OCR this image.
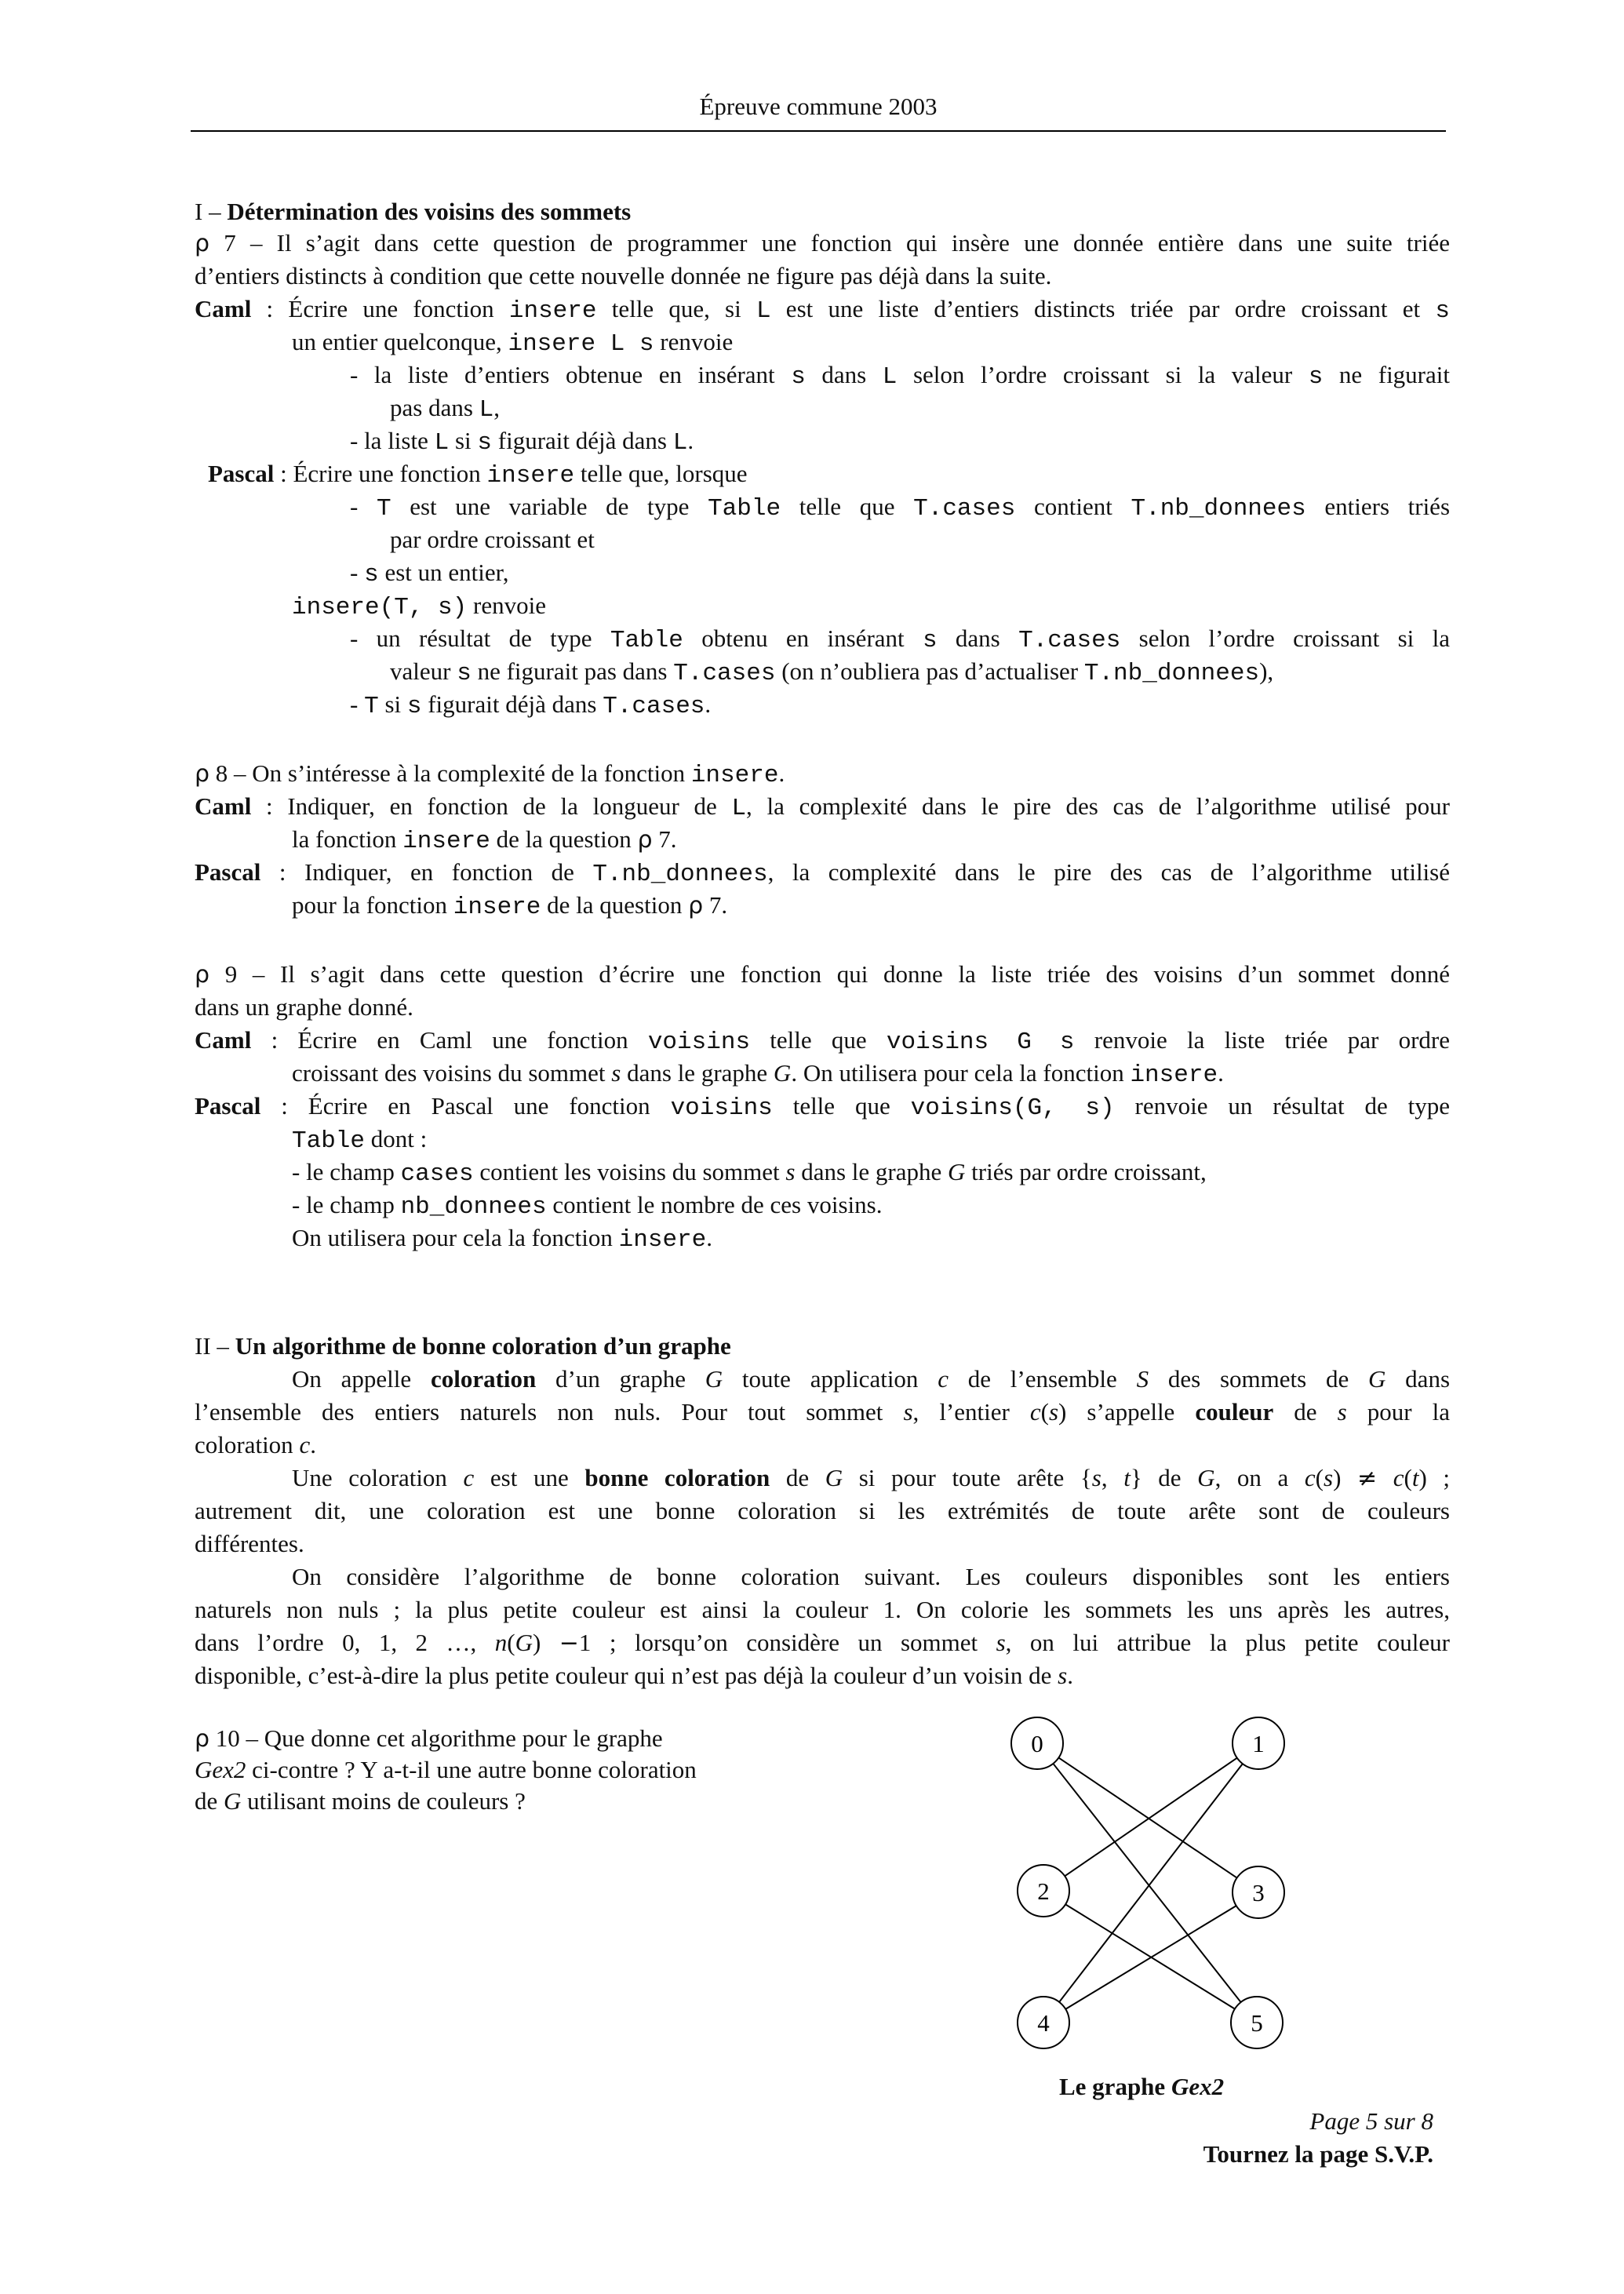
Épreuve commune 2003
I – Détermination des voisins des sommets
ρ 7 – Il s’agit dans cette question de programmer une fonction qui insère une donnée entière dans une suite triée
d’entiers distincts à condition que cette nouvelle donnée ne figure pas déjà dans la suite.
Caml : Écrire une fonction insere telle que, si L est une liste d’entiers distincts triée par ordre croissant et s
un entier quelconque, insere L s renvoie
- la liste d’entiers obtenue en insérant s dans L selon l’ordre croissant si la valeur s ne figurait
pas dans L,
- la liste L si s figurait déjà dans L.
Pascal : Écrire une fonction insere telle que, lorsque
- T est une variable de type Table telle que T.cases contient T.nb_donnees entiers triés
par ordre croissant et
- s est un entier,
insere(T, s) renvoie
- un résultat de type Table obtenu en insérant s dans T.cases selon l’ordre croissant si la
valeur s ne figurait pas dans T.cases (on n’oubliera pas d’actualiser T.nb_donnees),
- T si s figurait déjà dans T.cases.
ρ 8 – On s’intéresse à la complexité de la fonction insere.
Caml : Indiquer, en fonction de la longueur de L, la complexité dans le pire des cas de l’algorithme utilisé pour
la fonction insere de la question ρ 7.
Pascal : Indiquer, en fonction de T.nb_donnees, la complexité dans le pire des cas de l’algorithme utilisé
pour la fonction insere de la question ρ 7.
ρ 9 – Il s’agit dans cette question d’écrire une fonction qui donne la liste triée des voisins d’un sommet donné
dans un graphe donné.
Caml : Écrire en Caml une fonction voisins telle que voisins G s renvoie la liste triée par ordre
croissant des voisins du sommet s dans le graphe G. On utilisera pour cela la fonction insere.
Pascal : Écrire en Pascal une fonction voisins telle que voisins(G, s) renvoie un résultat de type
Table dont :
- le champ cases contient les voisins du sommet s dans le graphe G triés par ordre croissant,
- le champ nb_donnees contient le nombre de ces voisins.
On utilisera pour cela la fonction insere.
II – Un algorithme de bonne coloration d’un graphe
On appelle coloration d’un graphe G toute application c de l’ensemble S des sommets de G dans
l’ensemble des entiers naturels non nuls. Pour tout sommet s, l’entier c(s) s’appelle couleur de s pour la
coloration c.
Une coloration c est une bonne coloration de G si pour toute arête {s, t} de G, on a c(s) ≠ c(t) ;
autrement dit, une coloration est une bonne coloration si les extrémités de toute arête sont de couleurs
différentes.
On considère l’algorithme de bonne coloration suivant. Les couleurs disponibles sont les entiers
naturels non nuls ; la plus petite couleur est ainsi la couleur 1. On colorie les sommets les uns après les autres,
dans l’ordre 0, 1, 2 …, n(G) −1 ; lorsqu’on considère un sommet s, on lui attribue la plus petite couleur
disponible, c’est-à-dire la plus petite couleur qui n’est pas déjà la couleur d’un voisin de s.
ρ 10 – Que donne cet algorithme pour le graphe
Gex2 ci-contre ? Y a-t-il une autre bonne coloration
de G utilisant moins de couleurs ?
0	1
2	3
4	5
Le graphe Gex2
Page 5 sur 8
Tournez la page S.V.P.
